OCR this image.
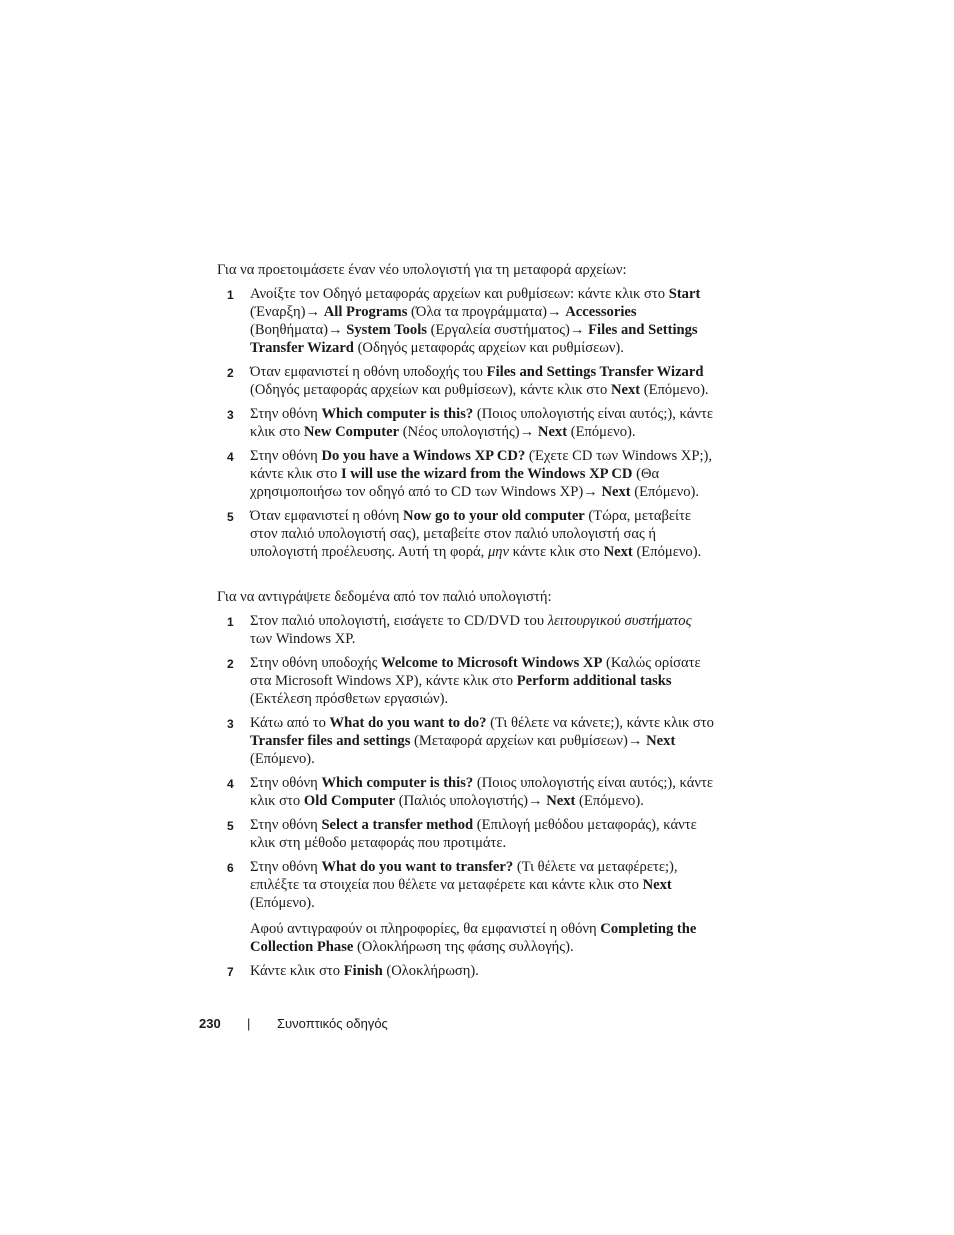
Για να προετοιμάσετε έναν νέο υπολογιστή για τη μεταφορά αρχείων:

1 Ανοίξτε τον Οδηγό μεταφοράς αρχείων και ρυθμίσεων: κάντε κλικ στο Start (Έναρξη)→ All Programs (Όλα τα προγράμματα)→ Accessories (Βοηθήματα)→ System Tools (Εργαλεία συστήματος)→ Files and Settings Transfer Wizard (Οδηγός μεταφοράς αρχείων και ρυθμίσεων).
2 Όταν εμφανιστεί η οθόνη υποδοχής του Files and Settings Transfer Wizard (Οδηγός μεταφοράς αρχείων και ρυθμίσεων), κάντε κλικ στο Next (Επόμενο).
3 Στην οθόνη Which computer is this? (Ποιος υπολογιστής είναι αυτός;), κάντε κλικ στο New Computer (Νέος υπολογιστής)→ Next (Επόμενο).
4 Στην οθόνη Do you have a Windows XP CD? (Έχετε CD των Windows XP;), κάντε κλικ στο I will use the wizard from the Windows XP CD (Θα χρησιμοποιήσω τον οδηγό από το CD των Windows XP)→ Next (Επόμενο).
5 Όταν εμφανιστεί η οθόνη Now go to your old computer (Τώρα, μεταβείτε στον παλιό υπολογιστή σας), μεταβείτε στον παλιό υπολογιστή σας ή υπολογιστή προέλευσης. Αυτή τη φορά, μην κάντε κλικ στο Next (Επόμενο).

Για να αντιγράψετε δεδομένα από τον παλιό υπολογιστή:

1 Στον παλιό υπολογιστή, εισάγετε το CD/DVD του λειτουργικού συστήματος των Windows XP.
2 Στην οθόνη υποδοχής Welcome to Microsoft Windows XP (Καλώς ορίσατε στα Microsoft Windows XP), κάντε κλικ στο Perform additional tasks (Εκτέλεση πρόσθετων εργασιών).
3 Κάτω από το What do you want to do? (Τι θέλετε να κάνετε;), κάντε κλικ στο Transfer files and settings (Μεταφορά αρχείων και ρυθμίσεων)→ Next (Επόμενο).
4 Στην οθόνη Which computer is this? (Ποιος υπολογιστής είναι αυτός;), κάντε κλικ στο Old Computer (Παλιός υπολογιστής)→ Next (Επόμενο).
5 Στην οθόνη Select a transfer method (Επιλογή μεθόδου μεταφοράς), κάντε κλικ στη μέθοδο μεταφοράς που προτιμάτε.
6 Στην οθόνη What do you want to transfer? (Τι θέλετε να μεταφέρετε;), επιλέξτε τα στοιχεία που θέλετε να μεταφέρετε και κάντε κλικ στο Next (Επόμενο).
Αφού αντιγραφούν οι πληροφορίες, θα εμφανιστεί η οθόνη Completing the Collection Phase (Ολοκλήρωση της φάσης συλλογής).
7 Κάντε κλικ στο Finish (Ολοκλήρωση).
230 | Συνοπτικός οδηγός
